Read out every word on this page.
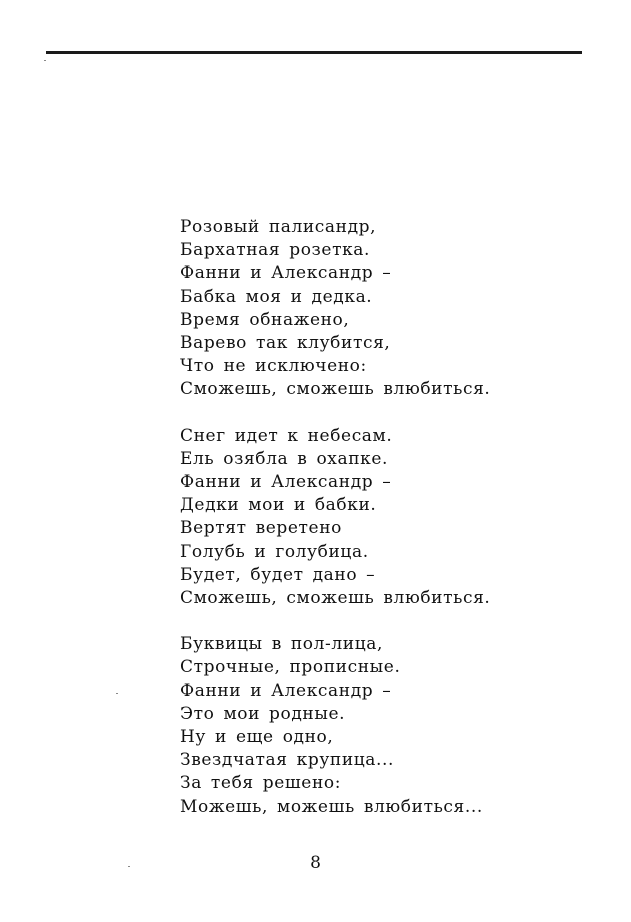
Розовый палисандр,
Бархатная розетка.
Фанни и Александр –
Бабка моя и дедка.
Время обнажено,
Варево так клубится,
Что не исключено:
Сможешь, сможешь влюбиться.
Снег идет к небесам.
Ель озябла в охапке.
Фанни и Александр –
Дедки мои и бабки.
Вертят веретено
Голубь и голубица.
Будет, будет дано –
Сможешь, сможешь влюбиться.
Буквицы в пол-лица,
Строчные, прописные.
Фанни и Александр –
Это мои родные.
Ну и еще одно,
Звездчатая крупица...
За тебя решено:
Можешь, можешь влюбиться...
8
